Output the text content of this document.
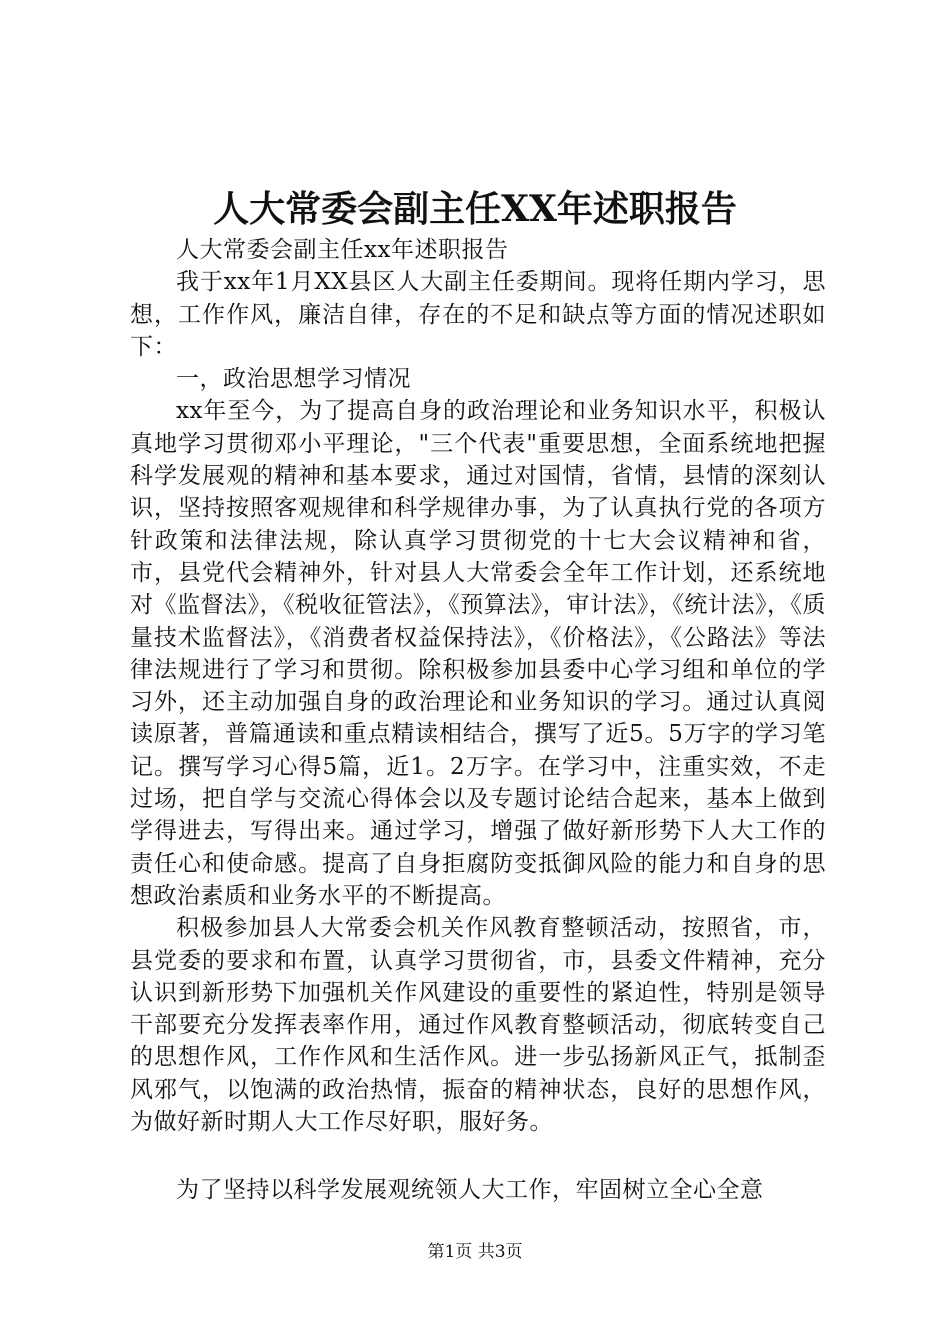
人大常委会副主任XX年述职报告

人大常委会副主任xx年述职报告

我于xx年1月XX县区人大副主任委期间。现将任期内学习，思想，工作作风，廉洁自律，存在的不足和缺点等方面的情况述职如下：

一，政治思想学习情况

xx年至今，为了提高自身的政治理论和业务知识水平，积极认真地学习贯彻邓小平理论，"三个代表"重要思想，全面系统地把握科学发展观的精神和基本要求，通过对国情，省情，县情的深刻认识，坚持按照客观规律和科学规律办事，为了认真执行党的各项方针政策和法律法规，除认真学习贯彻党的十七大会议精神和省，市，县党代会精神外，针对县人大常委会全年工作计划，还系统地对《监督法》，《税收征管法》，《预算法》，审计法》，《统计法》，《质量技术监督法》，《消费者权益保持法》，《价格法》，《公路法》等法律法规进行了学习和贯彻。除积极参加县委中心学习组和单位的学习外，还主动加强自身的政治理论和业务知识的学习。通过认真阅读原著，普篇通读和重点精读相结合，撰写了近5。5万字的学习笔记。撰写学习心得5篇，近1。2万字。在学习中，注重实效，不走过场，把自学与交流心得体会以及专题讨论结合起来，基本上做到学得进去，写得出来。通过学习，增强了做好新形势下人大工作的责任心和使命感。提高了自身拒腐防变抵御风险的能力和自身的思想政治素质和业务水平的不断提高。

积极参加县人大常委会机关作风教育整顿活动，按照省，市，县党委的要求和布置，认真学习贯彻省，市，县委文件精神，充分认识到新形势下加强机关作风建设的重要性的紧迫性，特别是领导干部要充分发挥表率作用，通过作风教育整顿活动，彻底转变自己的思想作风，工作作风和生活作风。进一步弘扬新风正气，抵制歪风邪气，以饱满的政治热情，振奋的精神状态，良好的思想作风，为做好新时期人大工作尽好职，服好务。

为了坚持以科学发展观统领人大工作，牢固树立全心全意

第1页 共3页
